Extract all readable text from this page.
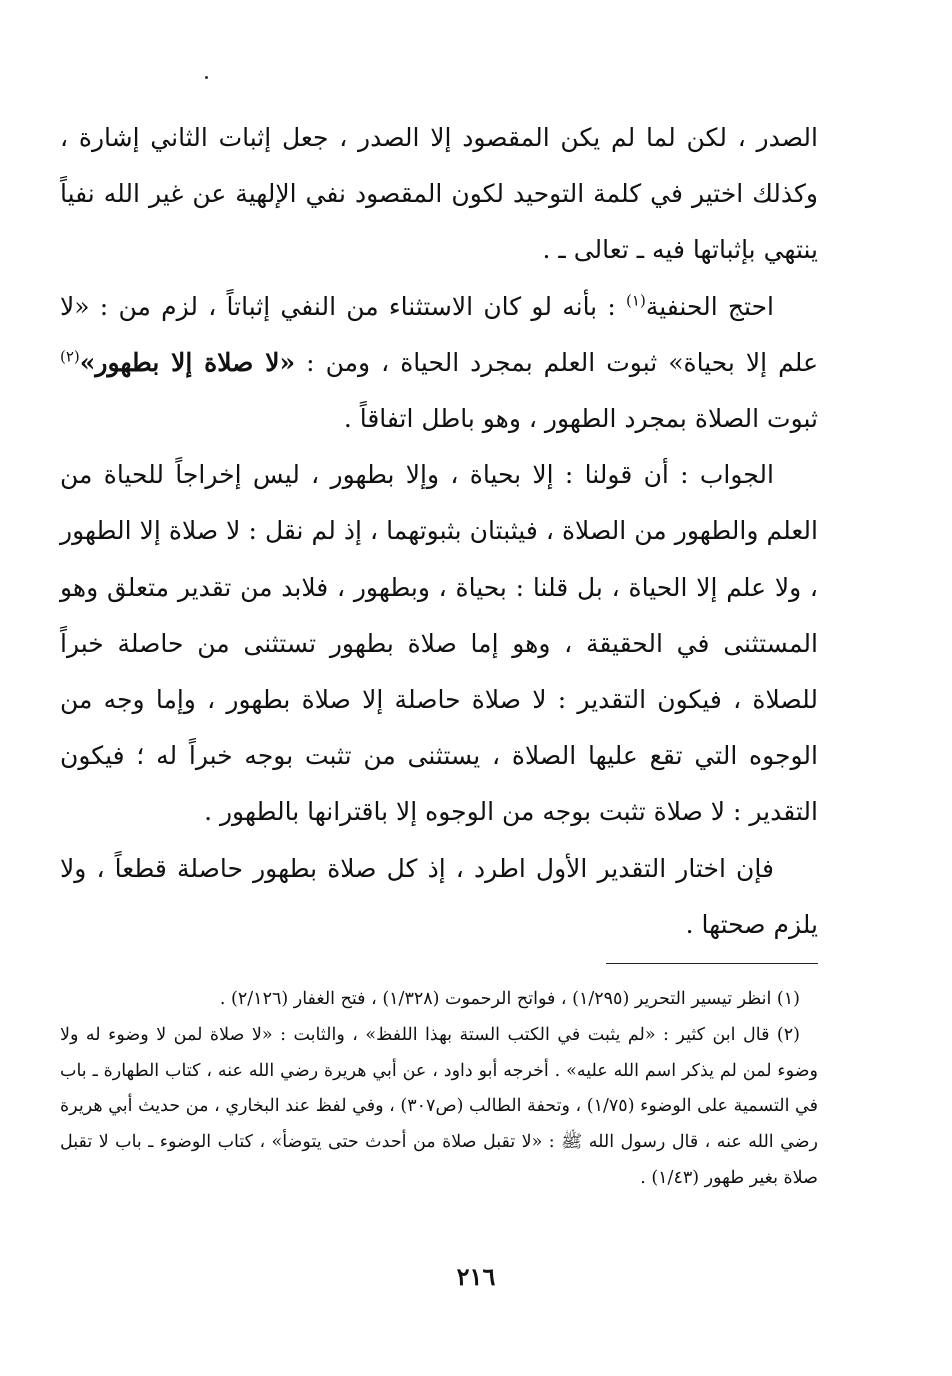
الصدر ، لكن لما لم يكن المقصود إلا الصدر ، جعل إثبات الثاني إشارة ، وكذلك اختير في كلمة التوحيد لكون المقصود نفي الإلهية عن غير الله نفياً ينتهي بإثباتها فيه ـ تعالى ـ .

احتج الحنفية$^{(١)}$ : بأنه لو كان الاستثناء من النفي إثباتاً ، لزم من : «لا علم إلا بحياة» ثبوت العلم بمجرد الحياة ، ومن : «لا صلاة إلا بطهور»$^{(٢)}$ ثبوت الصلاة بمجرد الطهور ، وهو باطل اتفاقاً .

الجواب : أن قولنا : إلا بحياة ، وإلا بطهور ، ليس إخراجاً للحياة من العلم والطهور من الصلاة ، فيثبتان بثبوتهما ، إذ لم نقل : لا صلاة إلا الطهور ، ولا علم إلا الحياة ، بل قلنا : بحياة ، وبطهور ، فلابد من تقدير متعلق وهو المستثنى في الحقيقة ، وهو إما صلاة بطهور تستثنى من حاصلة خبراً للصلاة ، فيكون التقدير : لا صلاة حاصلة إلا صلاة بطهور ، وإما وجه من الوجوه التي تقع عليها الصلاة ، يستثنى من تثبت بوجه خبراً له ؛ فيكون التقدير : لا صلاة تثبت بوجه من الوجوه إلا باقترانها بالطهور .

فإن اختار التقدير الأول اطرد ، إذ كل صلاة بطهور حاصلة قطعاً ، ولا يلزم صحتها .

(١) انظر تيسير التحرير (١/٢٩٥) ، فواتح الرحموت (١/٣٢٨) ، فتح الغفار (٢/١٢٦) .

(٢) قال ابن كثير : «لم يثبت في الكتب الستة بهذا اللفظ» ، والثابت : «لا صلاة لمن لا وضوء له ولا وضوء لمن لم يذكر اسم الله عليه» . أخرجه أبو داود ، عن أبي هريرة رضي الله عنه ، كتاب الطهارة ـ باب في التسمية على الوضوء (١/٧٥) ، وتحفة الطالب (ص٣٠٧) ، وفي لفظ عند البخاري ، من حديث أبي هريرة رضي الله عنه ، قال رسول الله ﷺ : «لا تقبل صلاة من أحدث حتى يتوضأ» ، كتاب الوضوء ـ باب لا تقبل صلاة بغير طهور (١/٤٣) .

٢١٦
